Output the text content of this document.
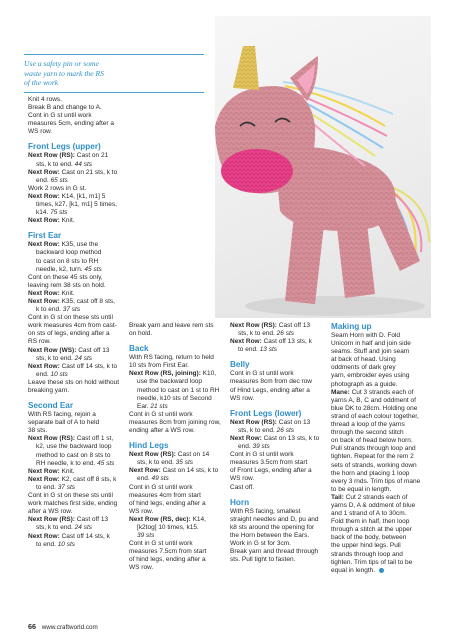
Use a safety pin or some
waste yarn to mark the RS
of the work

Knit 4 rows.

Break B and change to A.

Cont in G st until work

measures 5cm, ending after a

WS row.

Front Legs (upper)

Next Row (RS): Cast on 21

sts, k to end. 44 sts

Next Row: Cast on 21 sts, k to

end. 65 sts

Work 2 rows in G st.

Next Row: K14, [k1, m1] 5

times, k27, [k1, m1] 5 times,

k14. 75 sts

Next Row: Knit.

First Ear

Next Row: K35, use the

backward loop method

to cast on 8 sts to RH

needle, k2, turn. 45 sts

Cont on these 45 sts only,

leaving rem 38 sts on hold.

Next Row: Knit.

Next Row: K35, cast off 8 sts,

k to end. 37 sts

Cont in G st on these sts until

work measures 4cm from cast-

on sts of legs, ending after a

RS row.

Next Row (WS): Cast off 13

sts, k to end. 24 sts

Next Row: Cast off 14 sts, k to

end. 10 sts

Leave these sts on hold without

breaking yarn.

Second Ear

With RS facing, rejoin a

separate ball of A to held

38 sts.

Next Row (RS): Cast off 1 st,

k2, use the backward loop

method to cast on 8 sts to

RH needle, k to end. 45 sts

Next Row: Knit.

Next Row: K2, cast off 8 sts, k

to end. 37 sts

Cont in G st on these sts until

work matches first side, ending

after a WS row.

Next Row (RS): Cast off 13

sts, k to end. 24 sts

Next Row: Cast off 14 sts, k

to end. 10 sts

Break yarn and leave rem sts

on hold.

Back

With RS facing, return to held

10 sts from First Ear.

Next Row (RS, joining): K10,

use the backward loop

method to cast on 1 st to RH

needle, k10 sts of Second

Ear. 21 sts

Cont in G st until work

measures 8cm from joining row,

ending after a WS row.

Hind Legs

Next Row (RS): Cast on 14

sts, k to end. 35 sts

Next Row: Cast on 14 sts, k to

end. 49 sts

Cont in G st until work

measures 4cm from start

of hind legs, ending after a

WS row.

Next Row (RS, dec): K14,

[k2tog] 10 times, k15.

39 sts

Cont in G st until work

measures 7.5cm from start

of hind legs, ending after a

WS row.

Next Row (RS): Cast off 13

sts, k to end. 26 sts

Next Row: Cast off 13 sts, k

to end. 13 sts

Belly

Cont in G st until work

measures 8cm from dec row

of Hind Legs, ending after a

WS row.

Front Legs (lower)

Next Row (RS): Cast on 13

sts, k to end. 26 sts

Next Row: Cast on 13 sts, k to

end. 39 sts

Cont in G st until work

measures 3.5cm from start

of Front Legs, ending after a

WS row.

Cast off.

Horn

With RS facing, smallest

straight needles and D, pu and

k8 sts around the opening for

the Horn between the Ears.

Work in G st for 3cm.

Break yarn and thread through

sts. Pull tight to fasten.

Making up

Seam Horn with D. Fold

Unicorn in half and join side

seams. Stuff and join seam

at back of head. Using

oddments of dark grey

yarn, embroider eyes using

photograph as a guide.

Mane: Cut 3 strands each of

yarns A, B, C and oddment of

blue DK to 28cm. Holding one

strand of each colour together,

thread a loop of the yarns

through the second stitch

on back of head below horn.

Pull strands through loop and

tighten. Repeat for the rem 2

sets of strands, working down

the horn and placing 1 loop

every 3 rnds. Trim tips of mane

to be equal in length.

Tail: Cut 2 strands each of

yarns D, A & oddment of blue

and 1 strand of A to 30cm.

Fold them in half, then loop

through a stitch at the upper

back of the body, between

the upper hind legs. Pull

strands through loop and

tighten. Trim tips of tail to be

equal in length.

66 www.craftworld.com
